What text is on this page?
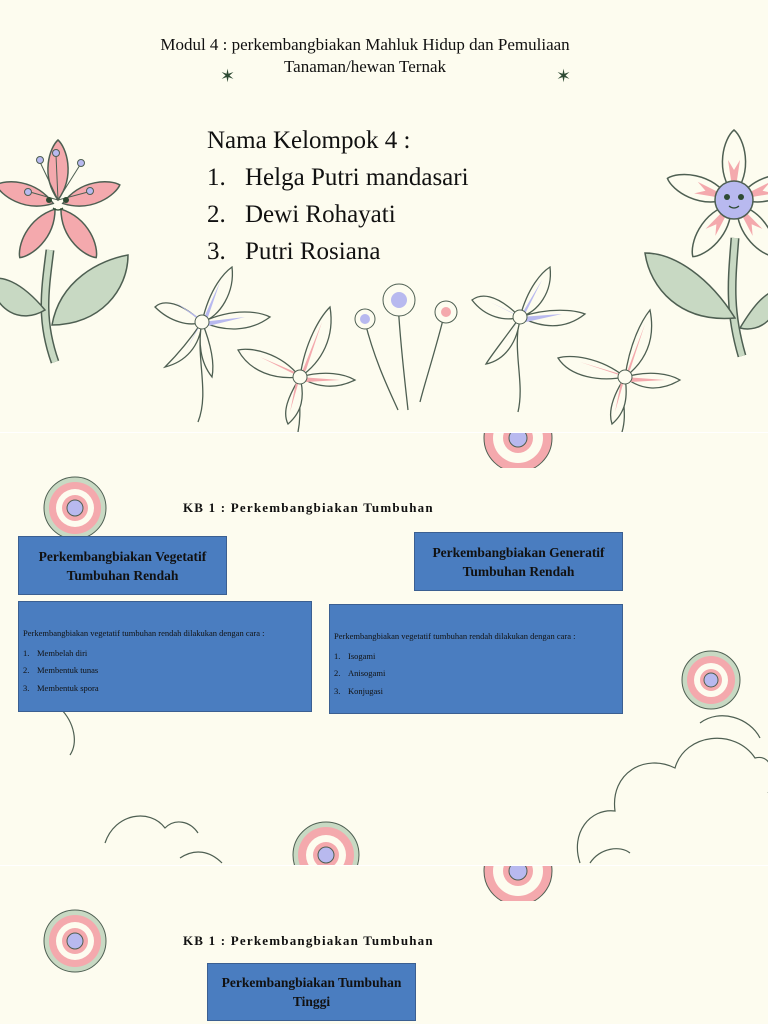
✶	✶
Modul 4 : perkembangbiakan Mahluk Hidup dan Pemuliaan
Tanaman/hewan Ternak
Nama Kelompok 4 :
1. Helga Putri mandasari
2. Dewi Rohayati
3. Putri Rosiana
KB 1 : Perkembangbiakan Tumbuhan
Perkembangbiakan Vegetatif Tumbuhan Rendah
Perkembangbiakan Generatif Tumbuhan Rendah
Perkembangbiakan vegetatif tumbuhan rendah dilakukan dengan cara :
1. Membelah diri
2. Membentuk tunas
3. Membentuk spora
Perkembangbiakan vegetatif tumbuhan rendah dilakukan dengan cara :
1. Isogami
2. Anisogami
3. Konjugasi
KB 1 : Perkembangbiakan Tumbuhan
Perkembangbiakan Tumbuhan Tinggi
